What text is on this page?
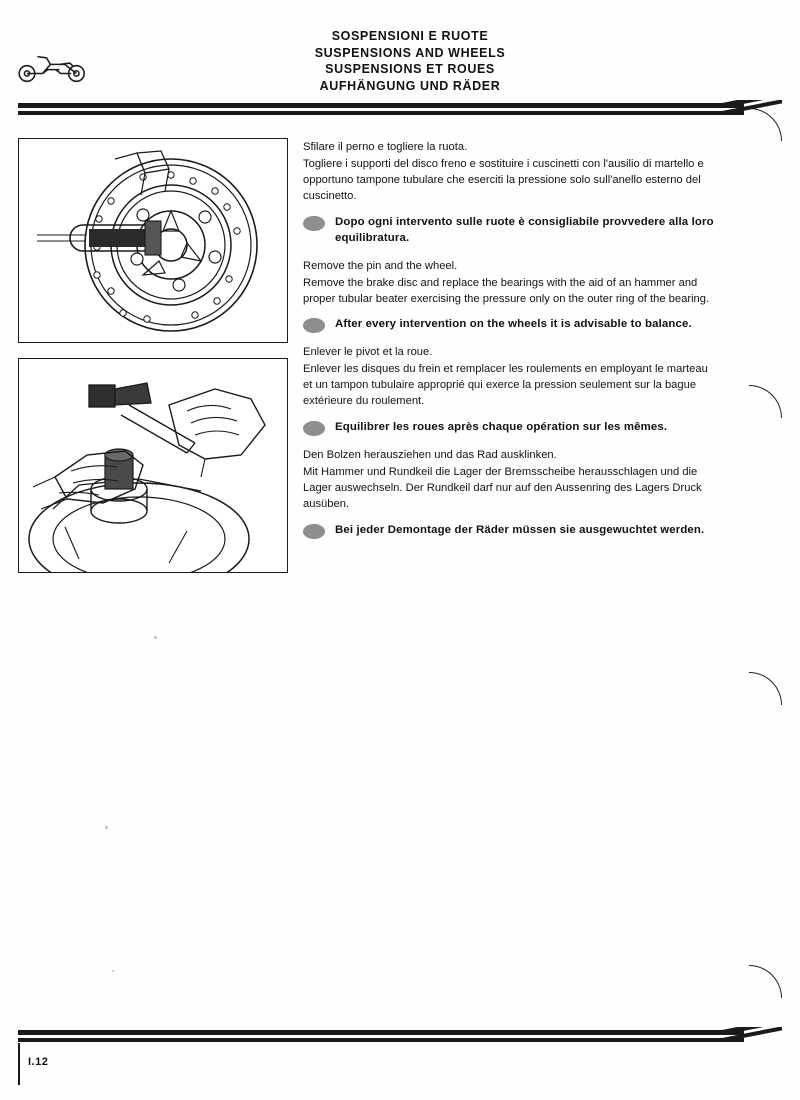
SOSPENSIONI E RUOTE
SUSPENSIONS AND WHEELS
SUSPENSIONS ET ROUES
AUFHÄNGUNG UND RÄDER

Sfilare il perno e togliere la ruota.

Togliere i supporti del disco freno e sostituire i cuscinetti con l'ausilio di martello e opportuno tampone tubulare che eserciti la pressione solo sull'anello esterno del cuscinetto.

Dopo ogni intervento sulle ruote è consigliabile provvedere alla loro equilibratura.

Remove the pin and the wheel.

Remove the brake disc and replace the bearings with the aid of an hammer and proper tubular beater exercising the pressure only on the outer ring of the bearing.

After every intervention on the wheels it is advisable to balance.

Enlever le pivot et la roue.

Enlever les disques du frein et remplacer les roulements en employant le marteau et un tampon tubulaire approprié qui exerce la pression seulement sur la bague extérieure du roulement.

Equilibrer les roues après chaque opération sur les mêmes.

Den Bolzen herausziehen und das Rad ausklinken.

Mit Hammer und Rundkeil die Lager der Bremsscheibe herausschlagen und die Lager auswechseln. Der Rundkeil darf nur auf den Aussenring des Lagers Druck ausüben.

Bei jeder Demontage der Räder müssen sie ausgewuchtet werden.
I.12
